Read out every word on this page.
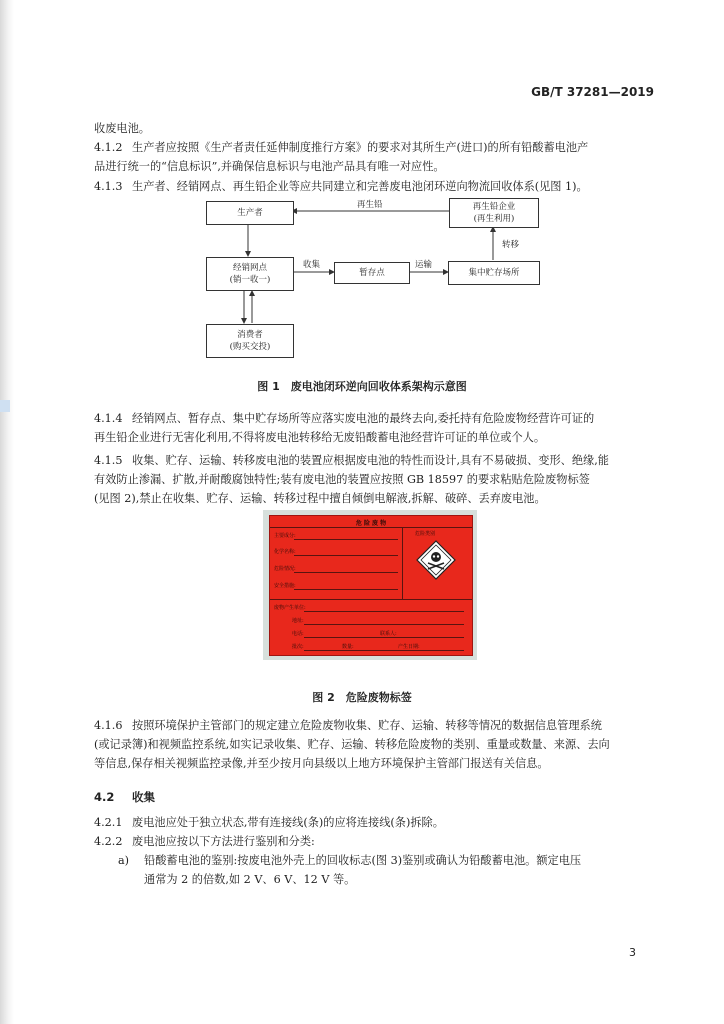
GB/T 37281—2019

收废电池。

4.1.2 生产者应按照《生产者责任延伸制度推行方案》的要求对其所生产(进口)的所有铅酸蓄电池产

品进行统一的“信息标识”,并确保信息标识与电池产品具有唯一对应性。

4.1.3 生产者、经销网点、再生铅企业等应共同建立和完善废电池闭环逆向物流回收体系(见图 1)。

生产者
再生铅企业
(再生利用)
经销网点
(销一收一)
暂存点	集中贮存场所
消费者
(购买交投)
再生铅
收集	运输
转移
图 1　废电池闭环逆向回收体系架构示意图

4.1.4 经销网点、暂存点、集中贮存场所等应落实废电池的最终去向,委托持有危险废物经营许可证的

再生铅企业进行无害化利用,不得将废电池转移给无废铅酸蓄电池经营许可证的单位或个人。

4.1.5 收集、贮存、运输、转移废电池的装置应根据废电池的特性而设计,具有不易破损、变形、绝缘,能

有效防止渗漏、扩散,并耐酸腐蚀特性;装有废电池的装置应按照 GB 18597 的要求粘贴危险废物标签

(见图 2),禁止在收集、贮存、运输、转移过程中擅自倾倒电解液,拆解、破碎、丢弃废电池。

危 险 废 物
主要成分:
化学名称:
危险情况:
安全措施:
危险类别
废物产生单位:
地址:
电话:	联系人:
批次:	数量:	产生日期:
图 2　危险废物标签

4.1.6 按照环境保护主管部门的规定建立危险废物收集、贮存、运输、转移等情况的数据信息管理系统

(或记录簿)和视频监控系统,如实记录收集、贮存、运输、转移危险废物的类别、重量或数量、来源、去向

等信息,保存相关视频监控录像,并至少按月向县级以上地方环境保护主管部门报送有关信息。

4.2 收集

4.2.1 废电池应处于独立状态,带有连接线(条)的应将连接线(条)拆除。

4.2.2 废电池应按以下方法进行鉴别和分类:

a) 铅酸蓄电池的鉴别:按废电池外壳上的回收标志(图 3)鉴别或确认为铅酸蓄电池。额定电压

通常为 2 的倍数,如 2 V、6 V、12 V 等。

3
